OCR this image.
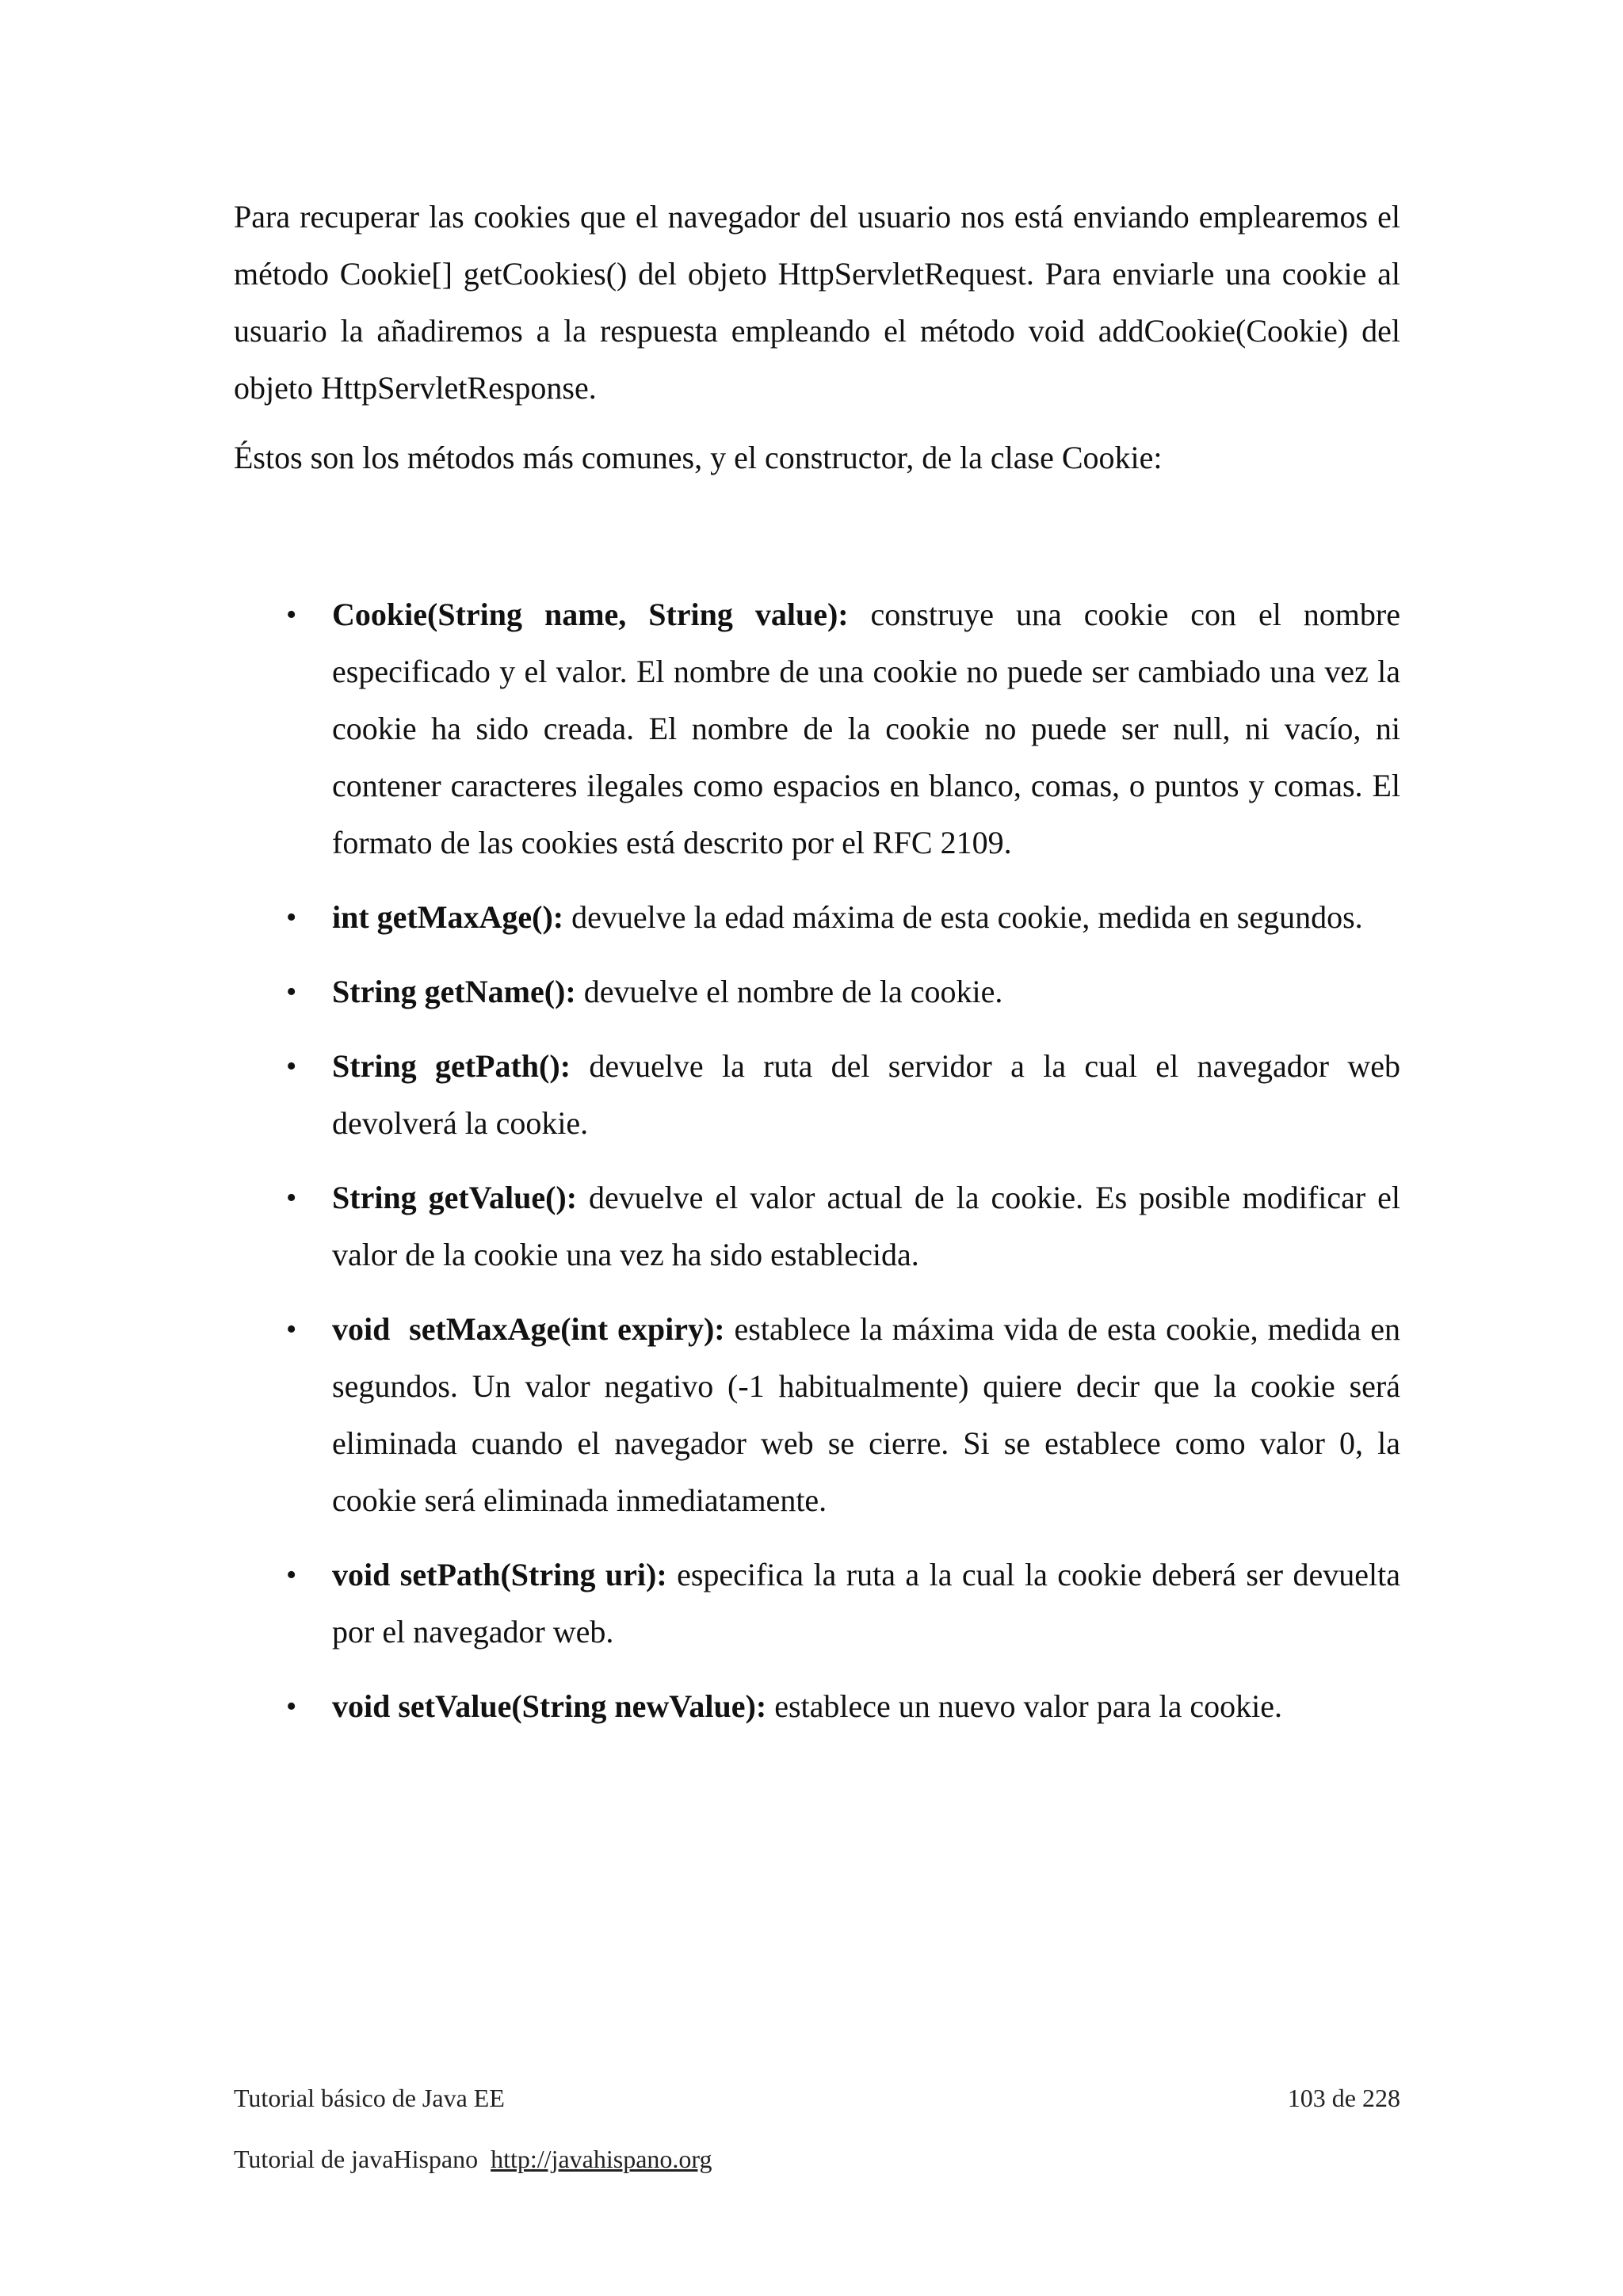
Para recuperar las cookies que el navegador del usuario nos está enviando emplearemos el método Cookie[] getCookies() del objeto HttpServletRequest. Para enviarle una cookie al usuario la añadiremos a la respuesta empleando el método void addCookie(Cookie) del objeto HttpServletResponse.

Éstos son los métodos más comunes, y el constructor, de la clase Cookie:

•	Cookie(String name, String value): construye una cookie con el nombre especificado y el valor. El nombre de una cookie no puede ser cambiado una vez la cookie ha sido creada. El nombre de la cookie no puede ser null, ni vacío, ni contener caracteres ilegales como espacios en blanco, comas, o puntos y comas. El formato de las cookies está descrito por el RFC 2109.
•	int getMaxAge(): devuelve la edad máxima de esta cookie, medida en segundos.
•	String getName(): devuelve el nombre de la cookie.
•	String getPath(): devuelve la ruta del servidor a la cual el navegador web devolverá la cookie.
•	String getValue(): devuelve el valor actual de la cookie. Es posible modificar el valor de la cookie una vez ha sido establecida.
•	void  setMaxAge(int expiry): establece la máxima vida de esta cookie, medida en segundos. Un valor negativo (-1 habitualmente) quiere decir que la cookie será eliminada cuando el navegador web se cierre. Si se establece como valor 0, la cookie será eliminada inmediatamente.
•	void setPath(String uri): especifica la ruta a la cual la cookie deberá ser devuelta por el navegador web.
•	void setValue(String newValue): establece un nuevo valor para la cookie.
Tutorial básico de Java EE	103 de 228
Tutorial de javaHispano http://javahispano.org
